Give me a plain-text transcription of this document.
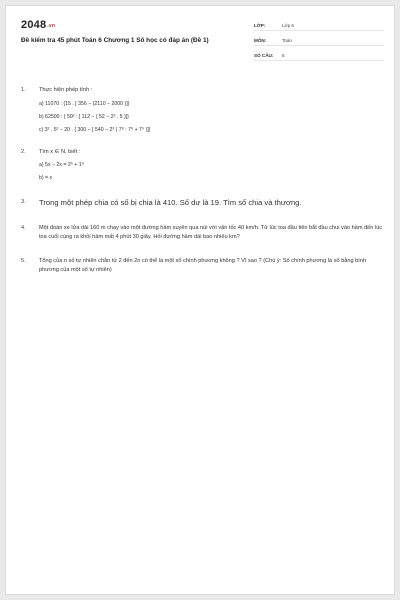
2048.vn
Đề kiểm tra 45 phút Toán 6 Chương 1 Số học có đáp án (Đề 1)
LỚP:	Lớp 6
MÔN:	Toán
SỐ CÂU:	5
1.	Thực hiện phép tính :
a) 11070 : {15 . [ 356 − (2110 − 2000 )]}
b) 62500 : { 50² : [ 112 − ( 52 − 2³ . 5 )]}
c) 3³ . 5³ − 20 . { 300 − [ 540 − 2³ ( 7⁸ : 7⁶ + 7⁰ )]}
2.	Tìm x ∈ N, biết :
a) 5x − 2x = 2⁵ + 1⁹
b) = x
3.	Trong một phép chia có số bị chia là 410. Số dư là 19. Tìm số chia và thương.
4.	Một đoàn xe lửa dài 160 m chạy vào một đường hầm xuyên qua núi với vận tốc 40 km/h. Từ lúc toa đầu tiên bắt đầu chui vào hầm đến lúc toa cuối cùng ra khỏi hầm mất 4 phút 30 giây. Hỏi đường hầm dài bao nhiêu km?
5.	Tổng của n số tự nhiên chẵn từ 2 đến 2n có thể là một số chính phương không ? Vì sao ? (Chú ý: Số chính phương là số bằng bình phương của một số tự nhiên)
